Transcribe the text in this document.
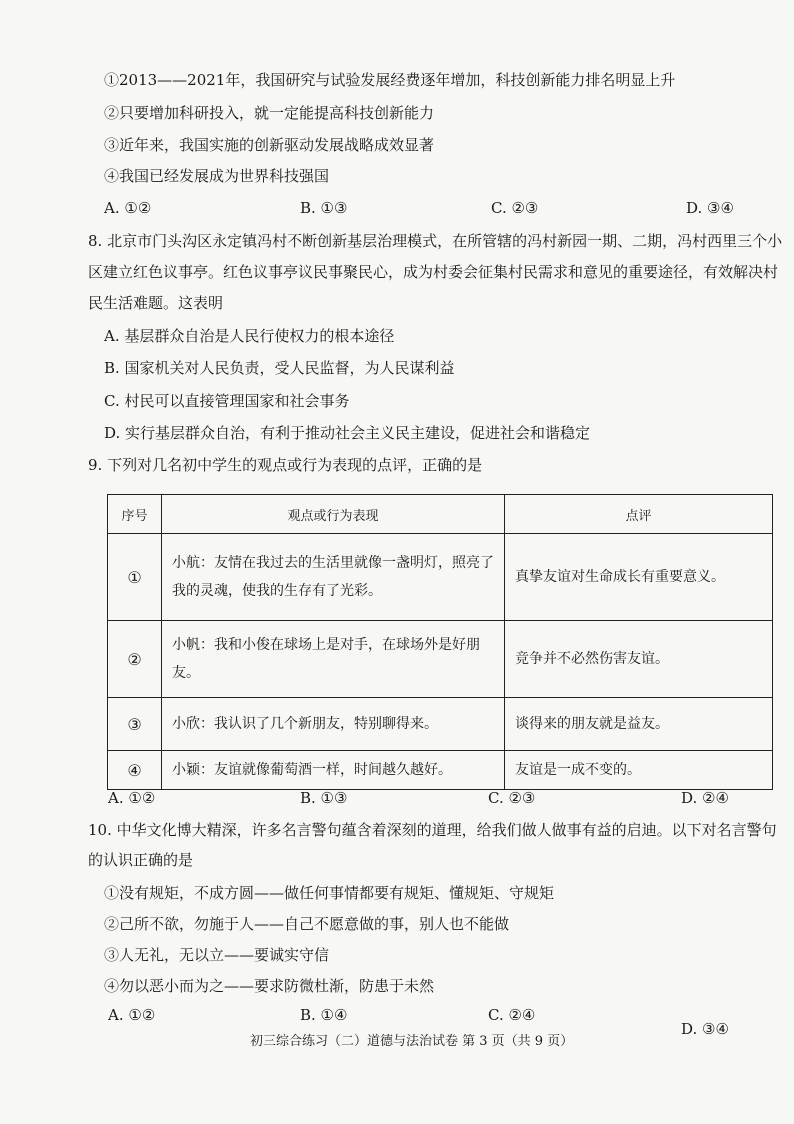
①2013——2021年，我国研究与试验发展经费逐年增加，科技创新能力排名明显上升
②只要增加科研投入，就一定能提高科技创新能力
③近年来，我国实施的创新驱动发展战略成效显著
④我国已经发展成为世界科技强国
A. ①②	B. ①③	C. ②③	D. ③④
8. 北京市门头沟区永定镇冯村不断创新基层治理模式，在所管辖的冯村新园一期、二期，冯村西里三个小
区建立红色议事亭。红色议事亭议民事聚民心，成为村委会征集村民需求和意见的重要途径，有效解决村
民生活难题。这表明
A. 基层群众自治是人民行使权力的根本途径
B. 国家机关对人民负责，受人民监督，为人民谋利益
C. 村民可以直接管理国家和社会事务
D. 实行基层群众自治，有利于推动社会主义民主建设，促进社会和谐稳定
9. 下列对几名初中学生的观点或行为表现的点评，正确的是
序号	观点或行为表现	点评
①	小航：友情在我过去的生活里就像一盏明灯，照亮了我的灵魂，使我的生存有了光彩。	真挚友谊对生命成长有重要意义。
②	小帆：我和小俊在球场上是对手，在球场外是好朋友。	竞争并不必然伤害友谊。
③	小欣：我认识了几个新朋友，特别聊得来。	谈得来的朋友就是益友。
④	小颖：友谊就像葡萄酒一样，时间越久越好。	友谊是一成不变的。
A. ①②	B. ①③	C. ②③	D. ②④
10. 中华文化博大精深，许多名言警句蕴含着深刻的道理，给我们做人做事有益的启迪。以下对名言警句
的认识正确的是
①没有规矩，不成方圆——做任何事情都要有规矩、懂规矩、守规矩
②己所不欲，勿施于人——自己不愿意做的事，别人也不能做
③人无礼，无以立——要诚实守信
④勿以恶小而为之——要求防微杜渐，防患于未然
A. ①②	B. ①④	C. ②④
D. ③④
初三综合练习（二）道德与法治试卷 第 3 页（共 9 页）
